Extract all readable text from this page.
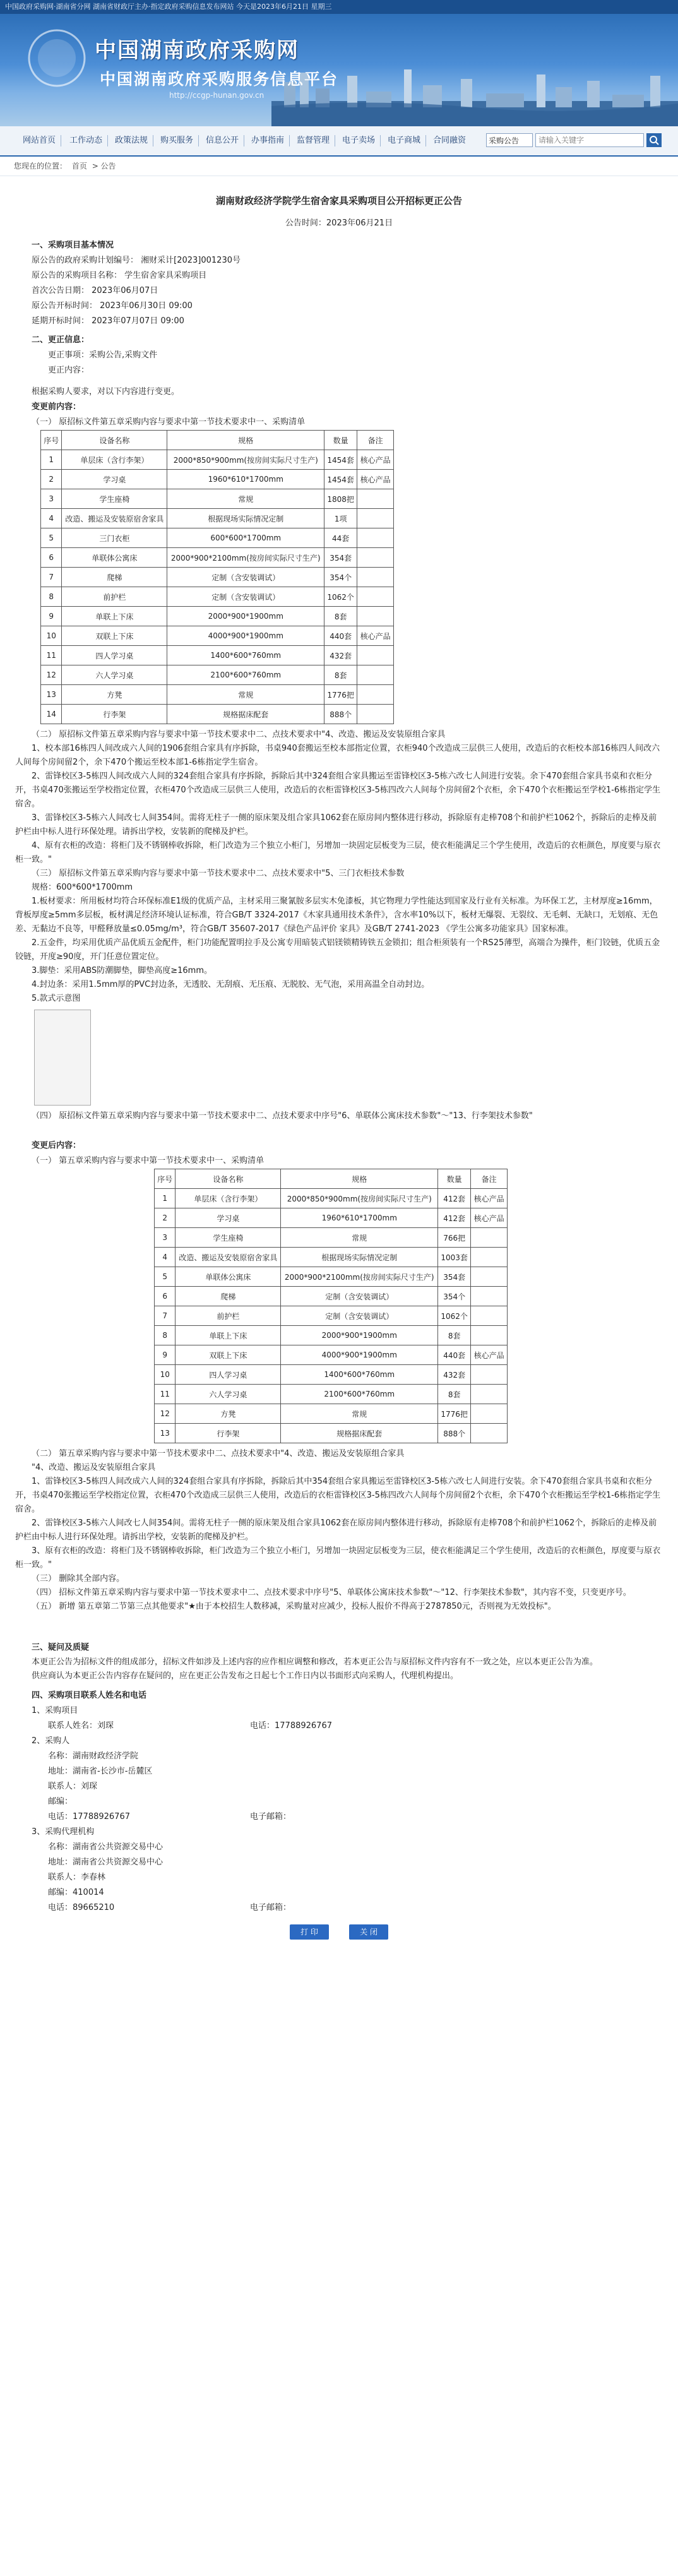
中国政府采购网·湖南省分网 湖南省财政厅主办·指定政府采购信息发布网站 今天是2023年6月21日 星期三
中国湖南政府采购网
中国湖南政府采购服务信息平台
http://ccgp-hunan.gov.cn
网站首页 工作动态 政策法规 购买服务 信息公开 办事指南 监督管理 电子卖场 电子商城 合同融资	采购公告
请输入关键字
您现在的位置： 首页 > 公告
湖南财政经济学院学生宿舍家具采购项目公开招标更正公告
公告时间：2023年06月21日

一、采购项目基本情况

原公告的政府采购计划编号： 湘财采计[2023]001230号

原公告的采购项目名称： 学生宿舍家具采购项目

首次公告日期： 2023年06月07日

原公告开标时间： 2023年06月30日 09:00

延期开标时间： 2023年07月07日 09:00

二、更正信息：

更正事项：采购公告,采购文件

更正内容：

根据采购人要求，对以下内容进行变更。

变更前内容：

（一） 原招标文件第五章采购内容与要求中第一节技术要求中一、采购清单

序号	设备名称	规格	数量	备注
1	单层床（含行李架）	2000*850*900mm(按房间实际尺寸生产)	1454套	核心产品
2	学习桌	1960*610*1700mm	1454套	核心产品
3	学生座椅	常规	1808把	
4	改造、搬运及安装原宿舍家具	根据现场实际情况定制	1项	
5	三门衣柜	600*600*1700mm	44套	
6	单联体公寓床	2000*900*2100mm(按房间实际尺寸生产)	354套	
7	爬梯	定制（含安装调试）	354个	
8	前护栏	定制（含安装调试）	1062个	
9	单联上下床	2000*900*1900mm	8套	
10	双联上下床	4000*900*1900mm	440套	核心产品
11	四人学习桌	1400*600*760mm	432套	
12	六人学习桌	2100*600*760mm	8套	
13	方凳	常规	1776把	
14	行李架	规格据床配套	888个	

（二） 原招标文件第五章采购内容与要求中第一节技术要求中二、点技术要求中"4、改造、搬运及安装原组合家具

1、校本部16栋四人间改成六人间的1906套组合家具有序拆除，书桌940套搬运至校本部指定位置，衣柜940个改造成三层供三人使用，改造后的衣柜校本部16栋四人间改六人间每个房间留2个，余下470个搬运至校本部1-6栋指定学生宿舍。

2、雷锋校区3-5栋四人间改成六人间的324套组合家具有序拆除，拆除后其中324套组合家具搬运至雷锋校区3-5栋六改七人间进行安装。余下470套组合家具书桌和衣柜分开，书桌470张搬运至学校指定位置，衣柜470个改造成三层供三人使用，改造后的衣柜雷锋校区3-5栋四改六人间每个房间留2个衣柜，余下470个衣柜搬运至学校1-6栋指定学生宿舍。

3、雷锋校区3-5栋六人间改七人间354间。需将无柱子一侧的原床架及组合家具1062套在原房间内整体进行移动，拆除原有走棒708个和前护栏1062个，拆除后的走棒及前护栏由中标人进行环保处理。请拆出学校，安装新的爬梯及护栏。

4、原有衣柜的改造：将柜门及不锈钢棒收拆除，柜门改造为三个独立小柜门，另增加一块固定层板变为三层，使衣柜能满足三个学生使用，改造后的衣柜颜色，厚度要与原衣柜一致。"

（三） 原招标文件第五章采购内容与要求中第一节技术要求中二、点技术要求中"5、三门衣柜技术参数

规格：600*600*1700mm

1.板材要求：所用板材均符合环保标准E1级的优质产品，主材采用三聚氰胺多层实木免漆板，其它物理力学性能达到国家及行业有关标准。为环保工艺，主材厚度≥16mm，背板厚度≥5mm多层板，板材满足经济环境认证标准，符合GB/T 3324-2017《木家具通用技术条件》，含水率10%以下，板材无爆裂、无裂纹、无毛刺、无缺口，无划痕、无色差、无黏边不良等，甲醛释放量≤0.05mg/m³，符合GB/T 35607-2017《绿色产品评价 家具》及GB/T 2741-2023 《学生公寓多功能家具》国家标准。

2.五金件，均采用优质产品优质五金配件，柜门功能配置明拉手及公寓专用暗装式铝镁锁精铸铁五金锁扣；组合柜须装有一个RS25薄型，高端合为操件，柜门铰链，优质五金铰链，开度≥90度，开门任意位置定位。

3.脚垫：采用ABS防潮脚垫，脚垫高度≥16mm。

4.封边条：采用1.5mm厚的PVC封边条，无透胶、无刮痕、无压痕、无脱胶、无气泡，采用高温全自动封边。

5.款式示意图

（四） 原招标文件第五章采购内容与要求中第一节技术要求中二、点技术要求中序号"6、单联体公寓床技术参数"～"13、行李架技术参数"

变更后内容：

（一） 第五章采购内容与要求中第一节技术要求中一、采购清单

序号	设备名称	规格	数量	备注
1	单层床（含行李架）	2000*850*900mm(按房间实际尺寸生产)	412套	核心产品
2	学习桌	1960*610*1700mm	412套	核心产品
3	学生座椅	常规	766把	
4	改造、搬运及安装原宿舍家具	根据现场实际情况定制	1003套	
5	单联体公寓床	2000*900*2100mm(按房间实际尺寸生产)	354套	
6	爬梯	定制（含安装调试）	354个	
7	前护栏	定制（含安装调试）	1062个	
8	单联上下床	2000*900*1900mm	8套	
9	双联上下床	4000*900*1900mm	440套	核心产品
10	四人学习桌	1400*600*760mm	432套	
11	六人学习桌	2100*600*760mm	8套	
12	方凳	常规	1776把	
13	行李架	规格据床配套	888个	

（二） 第五章采购内容与要求中第一节技术要求中二、点技术要求中"4、改造、搬运及安装原组合家具

"4、改造、搬运及安装原组合家具

1、雷锋校区3-5栋四人间改成六人间的324套组合家具有序拆除，拆除后其中354套组合家具搬运至雷锋校区3-5栋六改七人间进行安装。余下470套组合家具书桌和衣柜分开，书桌470张搬运至学校指定位置，衣柜470个改造成三层供三人使用，改造后的衣柜雷锋校区3-5栋四改六人间每个房间留2个衣柜，余下470个衣柜搬运至学校1-6栋指定学生宿舍。

2、雷锋校区3-5栋六人间改七人间354间。需将无柱子一侧的原床架及组合家具1062套在原房间内整体进行移动，拆除原有走棒708个和前护栏1062个，拆除后的走棒及前护栏由中标人进行环保处理。请拆出学校，安装新的爬梯及护栏。

3、原有衣柜的改造：将柜门及不锈钢棒收拆除，柜门改造为三个独立小柜门，另增加一块固定层板变为三层，使衣柜能满足三个学生使用，改造后的衣柜颜色，厚度要与原衣柜一致。"

（三） 删除其全部内容。

（四） 招标文件第五章采购内容与要求中第一节技术要求中二、点技术要求中序号"5、单联体公寓床技术参数"～"12、行李架技术参数"，其内容不变，只变更序号。

（五） 新增 第五章第二节第三点其他要求"★由于本校招生人数移减，采购量对应减少，投标人报价不得高于2787850元，否则视为无效投标"。

三、疑问及质疑

本更正公告为招标文件的组成部分，招标文件如涉及上述内容的应作相应调整和修改，若本更正公告与原招标文件内容有不一致之处，应以本更正公告为准。

供应商认为本更正公告内容存在疑问的，应在更正公告发布之日起七个工作日内以书面形式向采购人，代理机构提出。

四、采购项目联系人姓名和电话

1、采购项目

联系人姓名：刘琛	电话：17788926767

2、采购人

名称：湖南财政经济学院

地址：湖南省-长沙市-岳麓区

联系人：刘琛

邮编：

电话：17788926767	电子邮箱：

3、采购代理机构

名称：湖南省公共资源交易中心

地址：湖南省公共资源交易中心

联系人：李春林

邮编：410014

电话：89665210	电子邮箱：

打 印	关 闭
